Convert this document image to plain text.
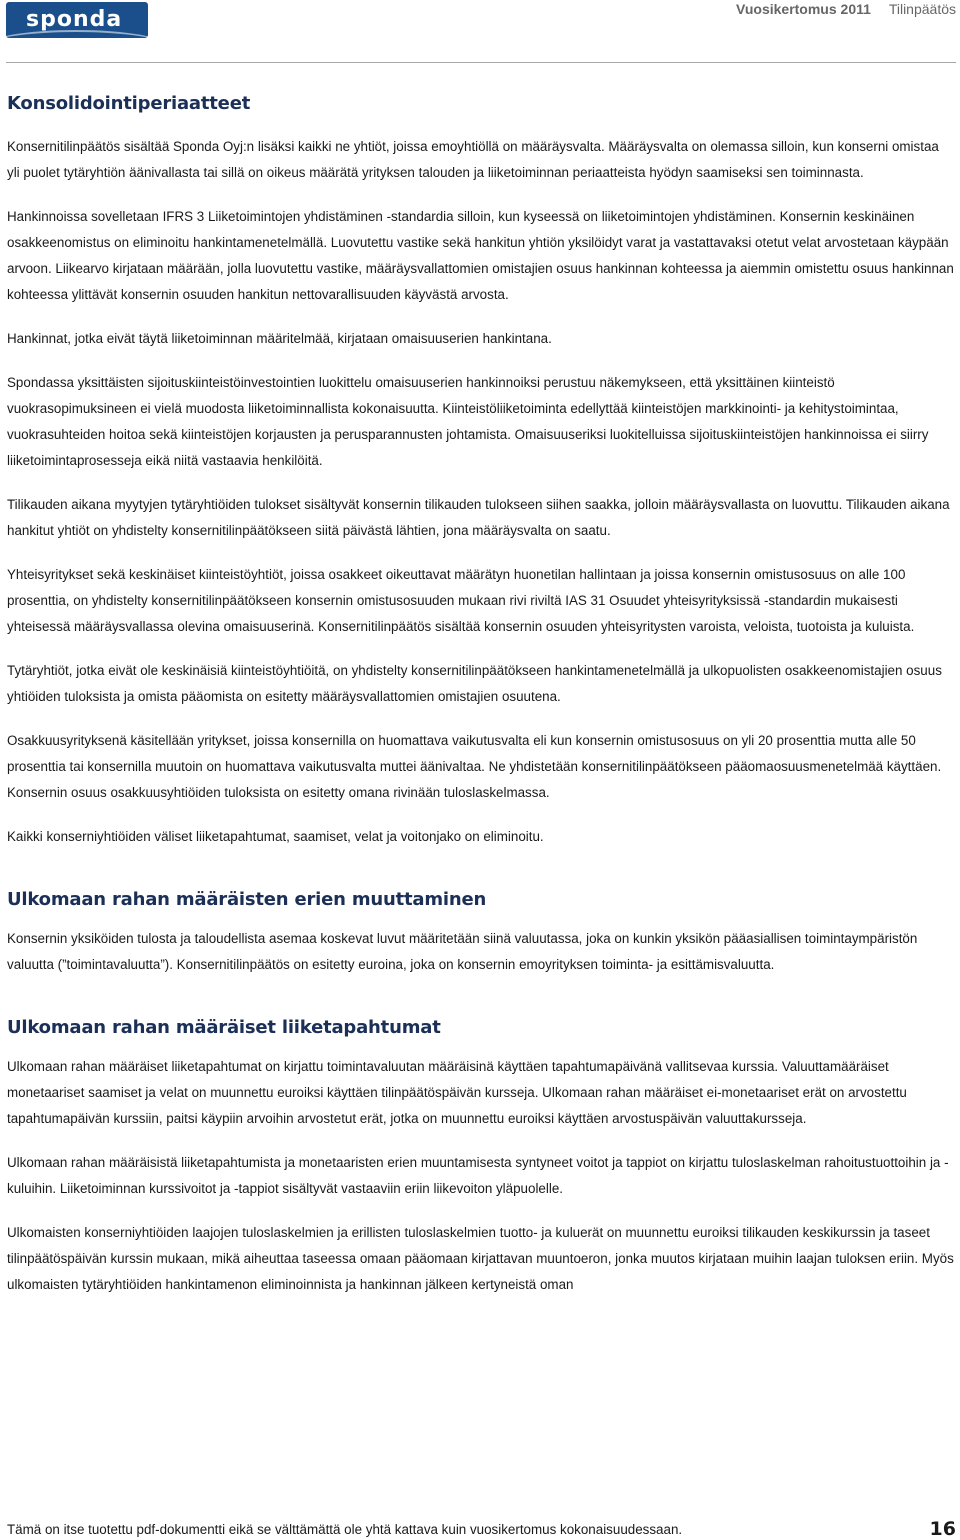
sponda	Vuosikertomus 2011 Tilinpäätös
Konsolidointiperiaatteet

Konsernitilinpäätös sisältää Sponda Oyj:n lisäksi kaikki ne yhtiöt, joissa emoyhtiöllä on määräysvalta. Määräysvalta on olemassa silloin, kun konserni omistaa yli puolet tytäryhtiön äänivallasta tai sillä on oikeus määrätä yrityksen talouden ja liiketoiminnan periaatteista hyödyn saamiseksi sen toiminnasta.

Hankinnoissa sovelletaan IFRS 3 Liiketoimintojen yhdistäminen -standardia silloin, kun kyseessä on liiketoimintojen yhdistäminen. Konsernin keskinäinen osakkeenomistus on eliminoitu hankintamenetelmällä. Luovutettu vastike sekä hankitun yhtiön yksilöidyt varat ja vastattavaksi otetut velat arvostetaan käypään arvoon. Liikearvo kirjataan määrään, jolla luovutettu vastike, määräysvallattomien omistajien osuus hankinnan kohteessa ja aiemmin omistettu osuus hankinnan kohteessa ylittävät konsernin osuuden hankitun nettovarallisuuden käyvästä arvosta.

Hankinnat, jotka eivät täytä liiketoiminnan määritelmää, kirjataan omaisuuserien hankintana.

Spondassa yksittäisten sijoituskiinteistöinvestointien luokittelu omaisuuserien hankinnoiksi perustuu näkemykseen, että yksittäinen kiinteistö vuokrasopimuksineen ei vielä muodosta liiketoiminnallista kokonaisuutta. Kiinteistöliiketoiminta edellyttää kiinteistöjen markkinointi- ja kehitystoimintaa, vuokrasuhteiden hoitoa sekä kiinteistöjen korjausten ja perusparannusten johtamista. Omaisuuseriksi luokitelluissa sijoituskiinteistöjen hankinnoissa ei siirry liiketoimintaprosesseja eikä niitä vastaavia henkilöitä.

Tilikauden aikana myytyjen tytäryhtiöiden tulokset sisältyvät konsernin tilikauden tulokseen siihen saakka, jolloin määräysvallasta on luovuttu. Tilikauden aikana hankitut yhtiöt on yhdistelty konsernitilinpäätökseen siitä päivästä lähtien, jona määräysvalta on saatu.

Yhteisyritykset sekä keskinäiset kiinteistöyhtiöt, joissa osakkeet oikeuttavat määrätyn huonetilan hallintaan ja joissa konsernin omistusosuus on alle 100 prosenttia, on yhdistelty konsernitilinpäätökseen konsernin omistusosuuden mukaan rivi riviltä IAS 31 Osuudet yhteisyrityksissä -standardin mukaisesti yhteisessä määräysvallassa olevina omaisuuserinä. Konsernitilinpäätös sisältää konsernin osuuden yhteisyritysten varoista, veloista, tuotoista ja kuluista.

Tytäryhtiöt, jotka eivät ole keskinäisiä kiinteistöyhtiöitä, on yhdistelty konsernitilinpäätökseen hankintamenetelmällä ja ulkopuolisten osakkeenomistajien osuus yhtiöiden tuloksista ja omista pääomista on esitetty määräysvallattomien omistajien osuutena.

Osakkuusyrityksenä käsitellään yritykset, joissa konsernilla on huomattava vaikutusvalta eli kun konsernin omistusosuus on yli 20 prosenttia mutta alle 50 prosenttia tai konsernilla muutoin on huomattava vaikutusvalta muttei äänivaltaa. Ne yhdistetään konsernitilinpäätökseen pääomaosuusmenetelmää käyttäen. Konsernin osuus osakkuusyhtiöiden tuloksista on esitetty omana rivinään tuloslaskelmassa.

Kaikki konserniyhtiöiden väliset liiketapahtumat, saamiset, velat ja voitonjako on eliminoitu.

Ulkomaan rahan määräisten erien muuttaminen

Konsernin yksiköiden tulosta ja taloudellista asemaa koskevat luvut määritetään siinä valuutassa, joka on kunkin yksikön pääasiallisen toimintaympäristön valuutta (”toimintavaluutta”). Konsernitilinpäätös on esitetty euroina, joka on konsernin emoyrityksen toiminta- ja esittämisvaluutta.

Ulkomaan rahan määräiset liiketapahtumat

Ulkomaan rahan määräiset liiketapahtumat on kirjattu toimintavaluutan määräisinä käyttäen tapahtumapäivänä vallitsevaa kurssia. Valuuttamääräiset monetaariset saamiset ja velat on muunnettu euroiksi käyttäen tilinpäätöspäivän kursseja. Ulkomaan rahan määräiset ei-monetaariset erät on arvostettu tapahtumapäivän kurssiin, paitsi käypiin arvoihin arvostetut erät, jotka on muunnettu euroiksi käyttäen arvostuspäivän valuuttakursseja.

Ulkomaan rahan määräisistä liiketapahtumista ja monetaaristen erien muuntamisesta syntyneet voitot ja tappiot on kirjattu tuloslaskelman rahoitustuottoihin ja -kuluihin. Liiketoiminnan kurssivoitot ja -tappiot sisältyvät vastaaviin eriin liikevoiton yläpuolelle.

Ulkomaisten konserniyhtiöiden laajojen tuloslaskelmien ja erillisten tuloslaskelmien tuotto- ja kuluerät on muunnettu euroiksi tilikauden keskikurssin ja taseet tilinpäätöspäivän kurssin mukaan, mikä aiheuttaa taseessa omaan pääomaan kirjattavan muuntoeron, jonka muutos kirjataan muihin laajan tuloksen eriin. Myös ulkomaisten tytäryhtiöiden hankintamenon eliminoinnista ja hankinnan jälkeen kertyneistä oman

Tämä on itse tuotettu pdf-dokumentti eikä se välttämättä ole yhtä kattava kuin vuosikertomus kokonaisuudessaan.	16
